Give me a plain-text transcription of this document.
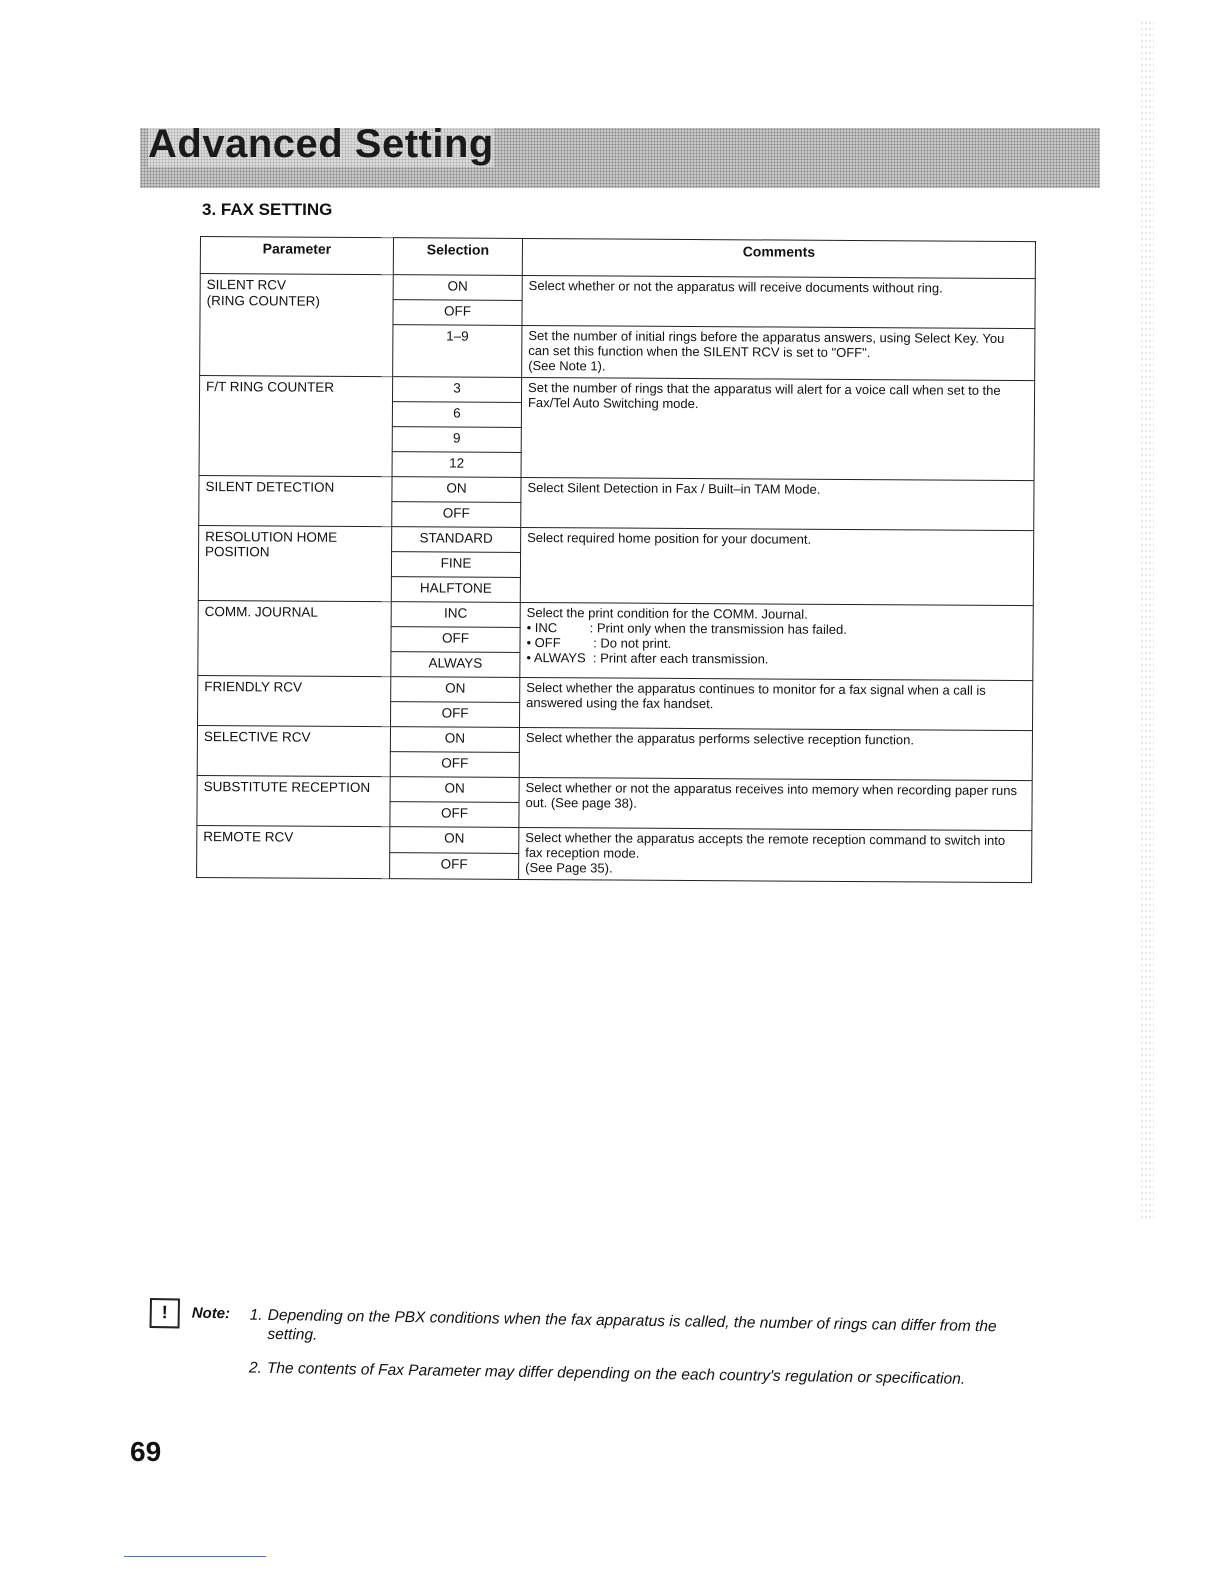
Advanced Setting
3. FAX SETTING
Parameter	Selection	Comments
SILENT RCV
(RING COUNTER)	ON	Select whether or not the apparatus will receive documents without ring.
	OFF	
	1–9	Set the number of initial rings before the apparatus answers, using Select Key. You can set this function when the SILENT RCV is set to "OFF".
(See Note 1).
F/T RING COUNTER	3	Set the number of rings that the apparatus will alert for a voice call when set to the Fax/Tel Auto Switching mode.
	6	
	9	
	12	
SILENT DETECTION	ON	Select Silent Detection in Fax / Built–in TAM Mode.
	OFF	
RESOLUTION HOME
POSITION	STANDARD	Select required home position for your document.
	FINE	
	HALFTONE	
COMM. JOURNAL	INC	Select the print condition for the COMM. Journal.
• INC         : Print only when the transmission has failed.
• OFF         : Do not print.
• ALWAYS  : Print after each transmission.
	OFF	
	ALWAYS	
FRIENDLY RCV	ON	Select whether the apparatus continues to monitor for a fax signal when a call is answered using the fax handset.
	OFF	
SELECTIVE RCV	ON	Select whether the apparatus performs selective reception function.
	OFF	
SUBSTITUTE RECEPTION	ON	Select whether or not the apparatus receives into memory when recording paper runs out. (See page 38).
	OFF	
REMOTE RCV	ON	Select whether the apparatus accepts the remote reception command to switch into fax reception mode.
(See Page 35).
	OFF	
!	Note: 1. Depending on the PBX conditions when the fax apparatus is called, the number of rings can differ from the setting.
2. The contents of Fax Parameter may differ depending on the each country's regulation or specification.
69
